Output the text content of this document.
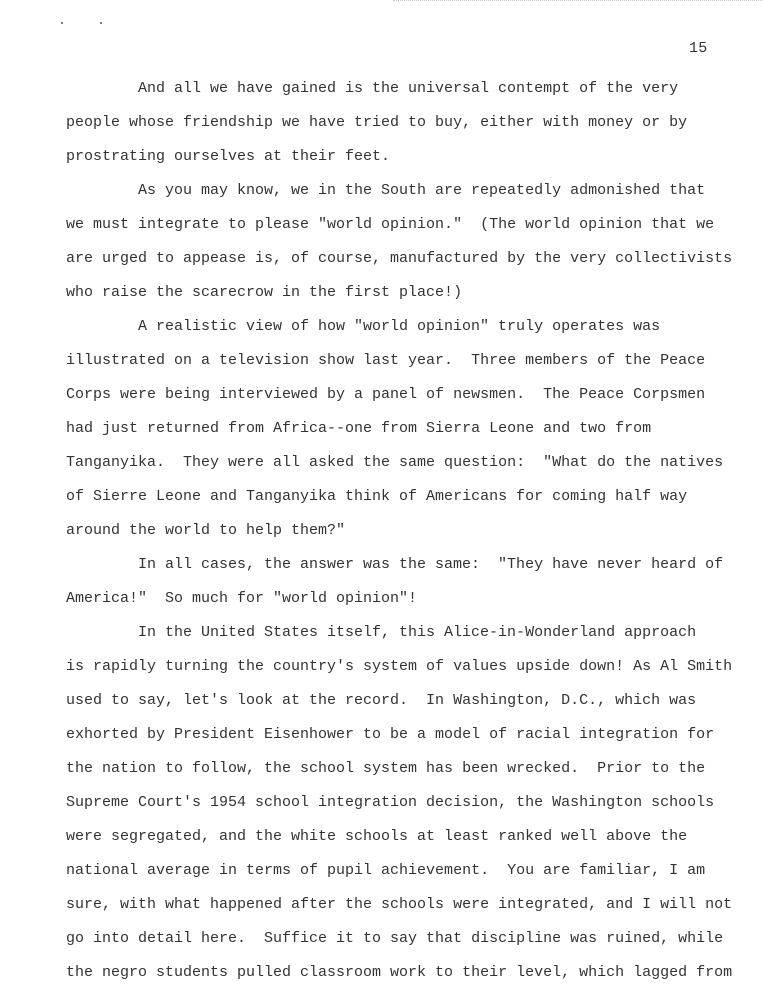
15
And all we have gained is the universal contempt of the very
people whose friendship we have tried to buy, either with money or by
prostrating ourselves at their feet.
As you may know, we in the South are repeatedly admonished that
we must integrate to please "world opinion."  (The world opinion that we
are urged to appease is, of course, manufactured by the very collectivists
who raise the scarecrow in the first place!)
A realistic view of how "world opinion" truly operates was
illustrated on a television show last year.  Three members of the Peace
Corps were being interviewed by a panel of newsmen.  The Peace Corpsmen
had just returned from Africa--one from Sierra Leone and two from
Tanganyika.  They were all asked the same question:  "What do the natives
of Sierre Leone and Tanganyika think of Americans for coming half way
around the world to help them?"
In all cases, the answer was the same:  "They have never heard of
America!"  So much for "world opinion"!
In the United States itself, this Alice-in-Wonderland approach
is rapidly turning the country's system of values upside down! As Al Smith
used to say, let's look at the record.  In Washington, D.C., which was
exhorted by President Eisenhower to be a model of racial integration for
the nation to follow, the school system has been wrecked.  Prior to the
Supreme Court's 1954 school integration decision, the Washington schools
were segregated, and the white schools at least ranked well above the
national average in terms of pupil achievement.  You are familiar, I am
sure, with what happened after the schools were integrated, and I will not
go into detail here.  Suffice it to say that discipline was ruined, while
the negro students pulled classroom work to their level, which lagged from
